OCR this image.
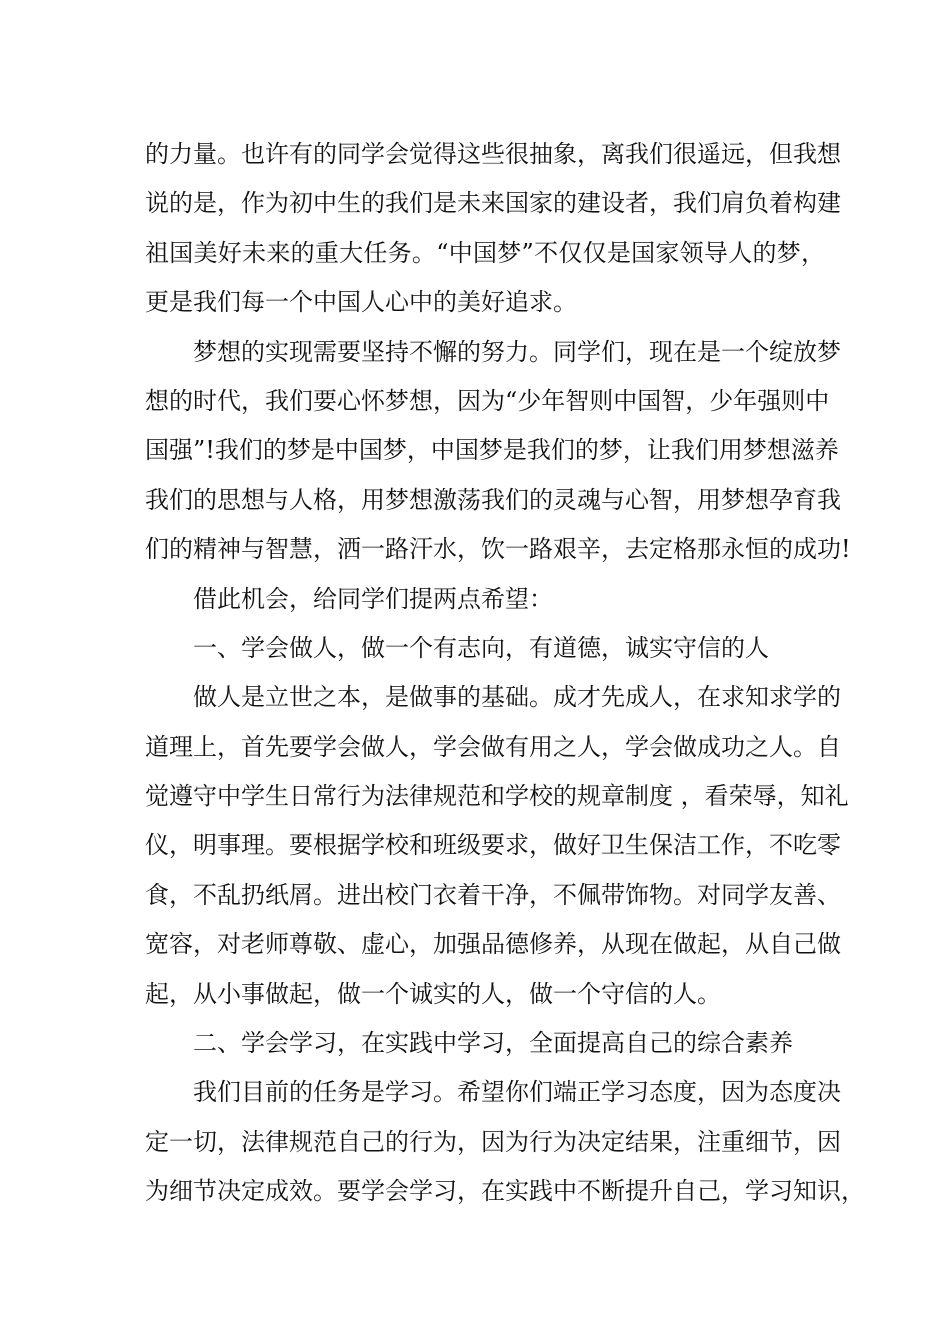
的力量。也许有的同学会觉得这些很抽象，离我们很遥远，但我想
说的是，作为初中生的我们是未来国家的建设者，我们肩负着构建
祖国美好未来的重大任务。“中国梦”不仅仅是国家领导人的梦，
更是我们每一个中国人心中的美好追求。
梦想的实现需要坚持不懈的努力。同学们，现在是一个绽放梦
想的时代，我们要心怀梦想，因为“少年智则中国智，少年强则中
国强”!我们的梦是中国梦，中国梦是我们的梦，让我们用梦想滋养
我们的思想与人格，用梦想激荡我们的灵魂与心智，用梦想孕育我
们的精神与智慧，洒一路汗水，饮一路艰辛，去定格那永恒的成功!
借此机会，给同学们提两点希望：
一、学会做人，做一个有志向，有道德，诚实守信的人
做人是立世之本，是做事的基础。成才先成人，在求知求学的
道理上，首先要学会做人，学会做有用之人，学会做成功之人。自
觉遵守中学生日常行为法律规范和学校的规章制度 ，看荣辱，知礼
仪，明事理。要根据学校和班级要求，做好卫生保洁工作，不吃零
食，不乱扔纸屑。进出校门衣着干净，不佩带饰物。对同学友善、
宽容，对老师尊敬、虚心，加强品德修养，从现在做起，从自己做
起，从小事做起，做一个诚实的人，做一个守信的人。
二、学会学习，在实践中学习，全面提高自己的综合素养
我们目前的任务是学习。希望你们端正学习态度，因为态度决
定一切，法律规范自己的行为，因为行为决定结果，注重细节，因
为细节决定成效。要学会学习，在实践中不断提升自己，学习知识，
